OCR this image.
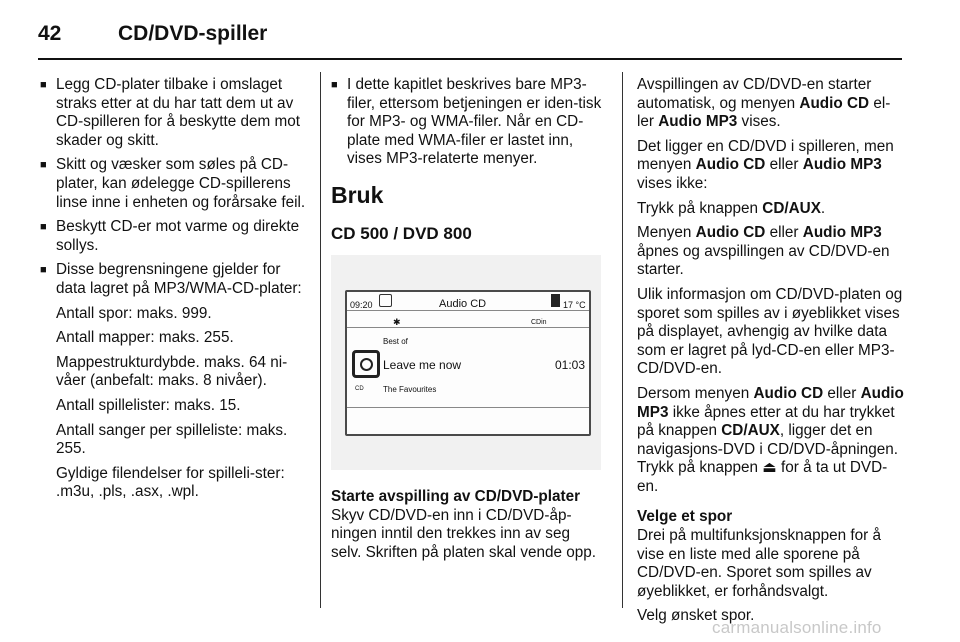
42	CD/DVD-spiller
■ Legg CD-plater tilbake i omslaget straks etter at du har tatt dem ut av CD-spilleren for å beskytte dem mot skader og skitt.
■ Skitt og væsker som søles på CD-plater, kan ødelegge CD-spillerens linse inne i enheten og forårsake feil.
■ Beskytt CD-er mot varme og direkte sollys.
■ Disse begrensningene gjelder for data lagret på MP3/WMA-CD-plater:

Antall spor: maks. 999.

Antall mapper: maks. 255.

Mappestrukturdybde. maks. 64 ni-våer (anbefalt: maks. 8 nivåer).

Antall spillelister: maks. 15.

Antall sanger per spilleliste: maks. 255.

Gyldige filendelser for spilleli-ster: .m3u, .pls, .asx, .wpl.

■ I dette kapitlet beskrives bare MP3-filer, ettersom betjeningen er iden-tisk for MP3- og WMA-filer. Når en CD-plate med WMA-filer er lastet inn, vises MP3-relaterte menyer.
Bruk
CD 500 / DVD 800
09:20	Audio CD	17 °C
✱	CDin
Best of
CD
Leave me now	01:03
The Favourites

Starte avspilling av CD/DVD-plater

Skyv CD/DVD-en inn i CD/DVD-åp-ningen inntil den trekkes inn av seg selv. Skriften på platen skal vende opp.

Avspillingen av CD/DVD-en starter automatisk, og menyen Audio CD el-ler Audio MP3 vises.

Det ligger en CD/DVD i spilleren, men menyen Audio CD eller Audio MP3 vises ikke:

Trykk på knappen CD/AUX.

Menyen Audio CD eller Audio MP3 åpnes og avspillingen av CD/DVD-en starter.

Ulik informasjon om CD/DVD-platen og sporet som spilles av i øyeblikket vises på displayet, avhengig av hvilke data som er lagret på lyd-CD-en eller MP3-CD/DVD-en.

Dersom menyen Audio CD eller Audio MP3 ikke åpnes etter at du har trykket på knappen CD/AUX, ligger det en navigasjons-DVD i CD/DVD-åpningen. Trykk på knappen ⏏ for å ta ut DVD-en.

Velge et spor

Drei på multifunksjonsknappen for å vise en liste med alle sporene på CD/DVD-en. Sporet som spilles av øyeblikket, er forhåndsvalgt.

Velg ønsket spor.

carmanualsonline.info
